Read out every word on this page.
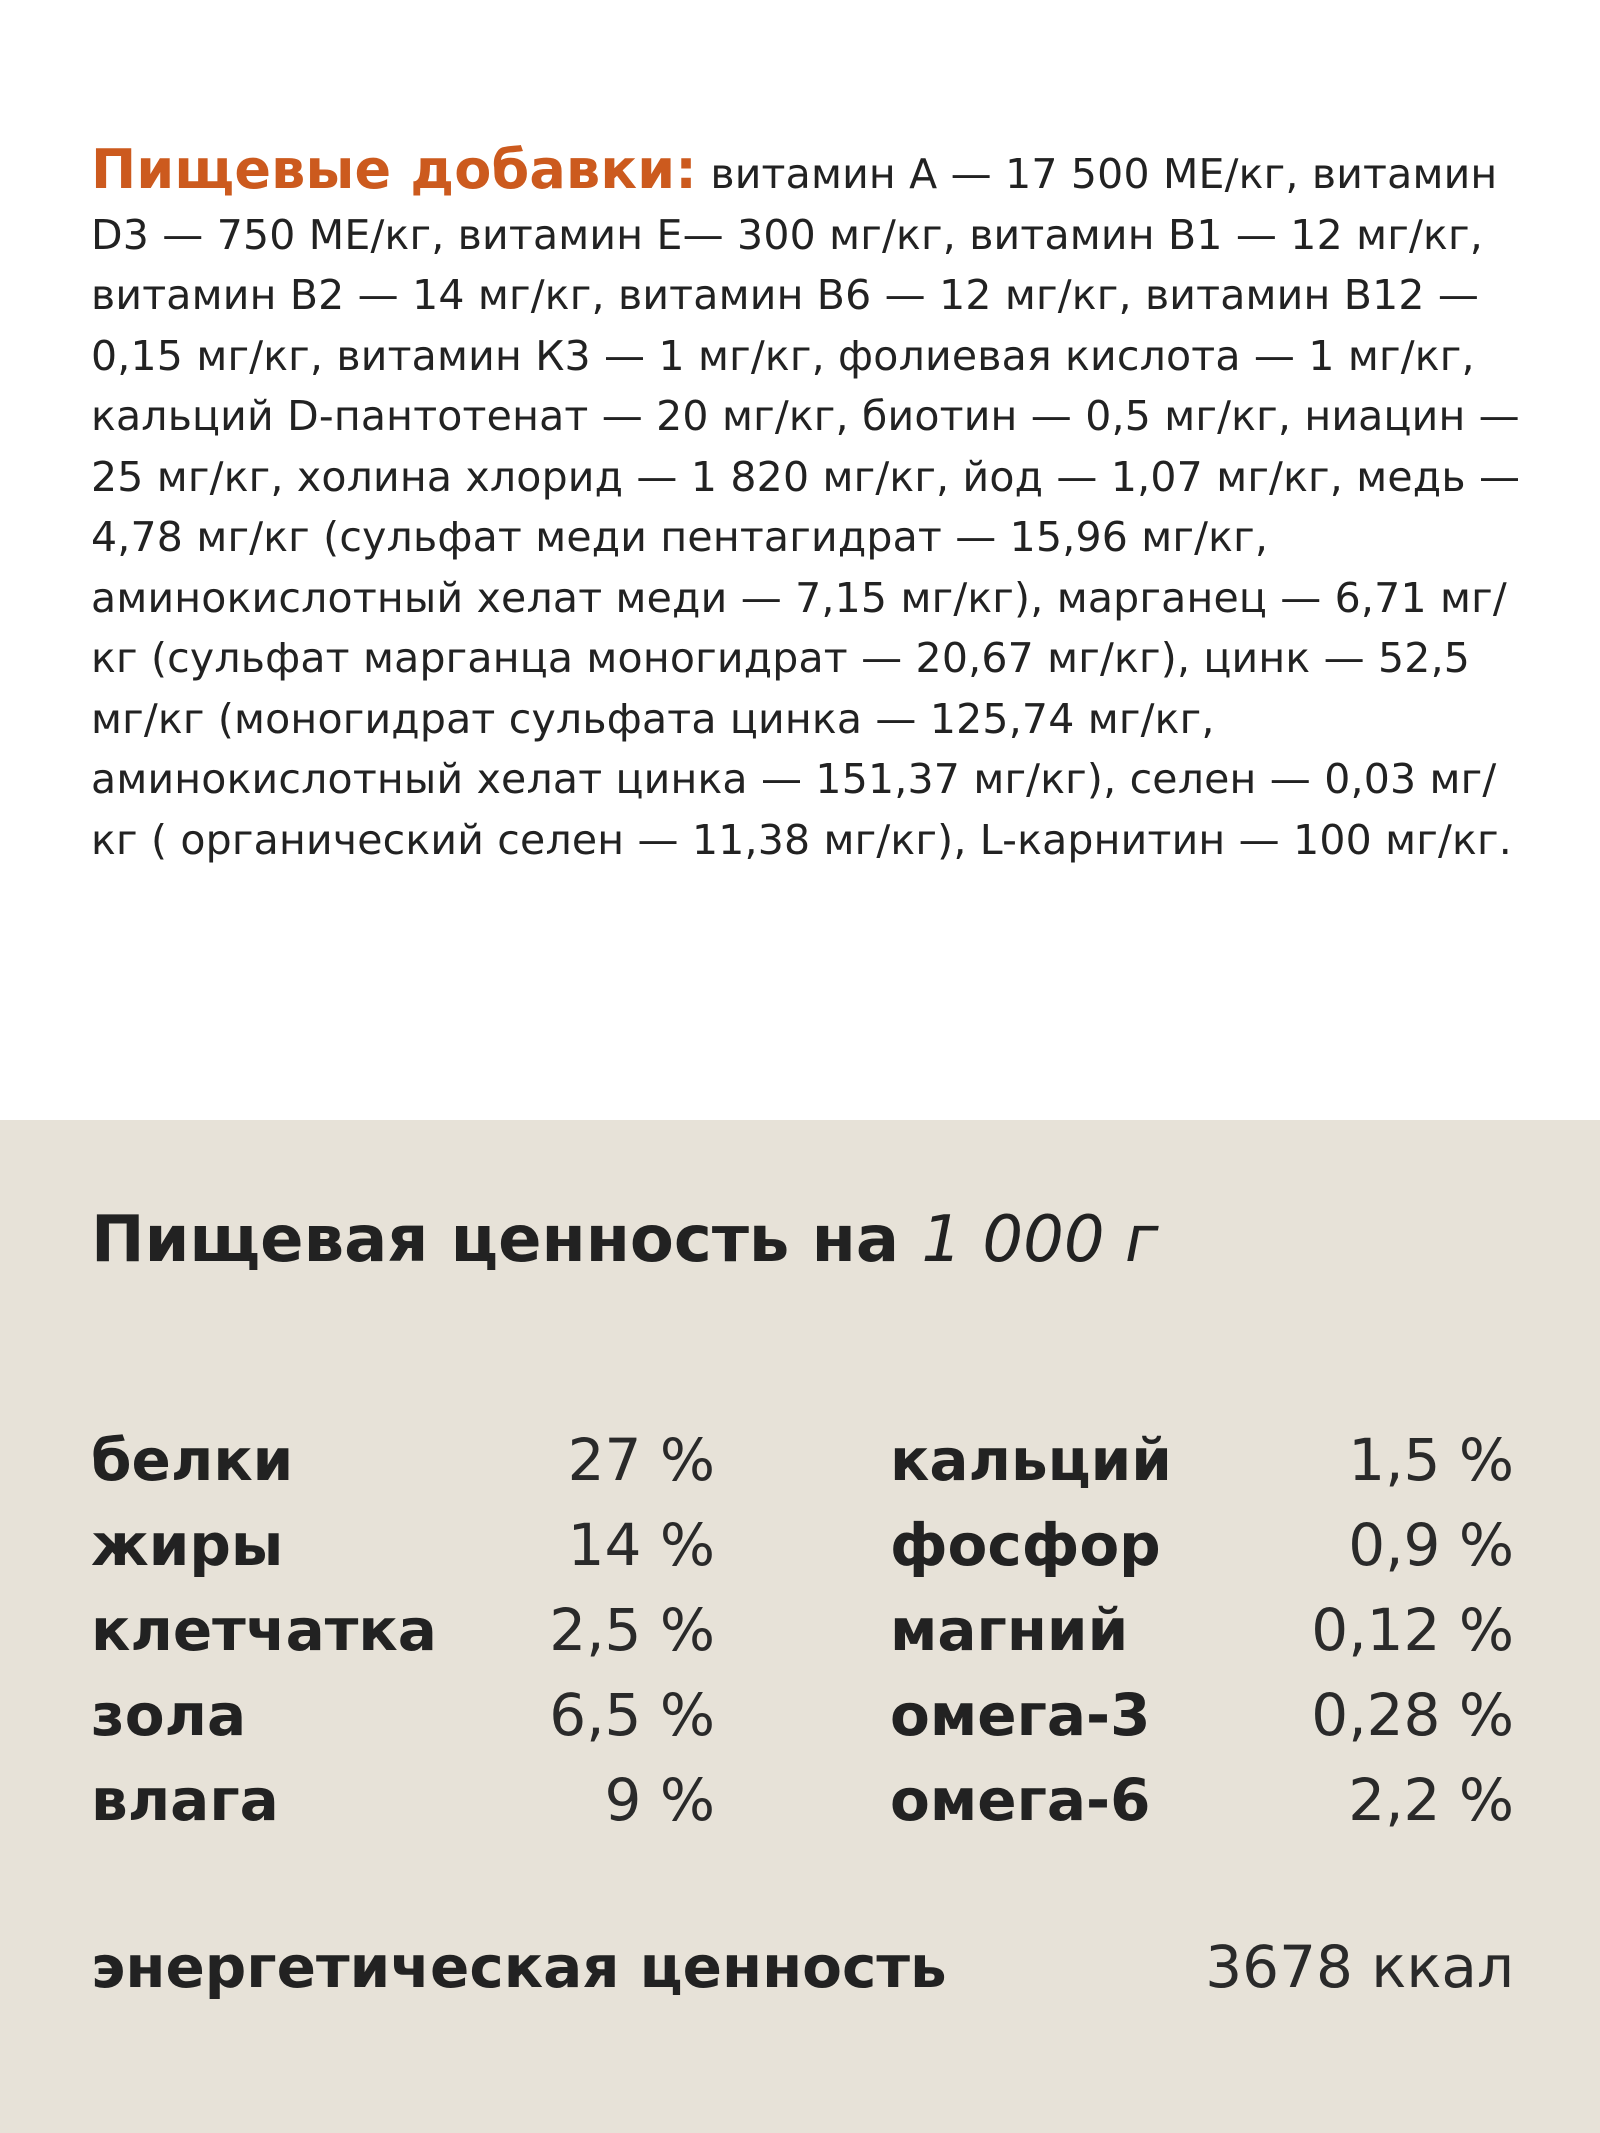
Пищевые добавки: витамин А — 17 500 МЕ/кг, витамин D3 — 750 МЕ/кг, витамин Е— 300 мг/кг, витамин В1 — 12 мг/кг, витамин В2 — 14 мг/кг, витамин В6 — 12 мг/кг, витамин В12 — 0,15 мг/кг, витамин К3 — 1 мг/кг, фолиевая кислота — 1 мг/кг, кальций D-пантотенат — 20 мг/кг, биотин — 0,5 мг/кг, ниацин — 25 мг/кг, холина хлорид — 1 820 мг/кг, йод — 1,07 мг/кг, медь — 4,78 мг/кг (сульфат меди пентагидрат — 15,96 мг/кг, аминокислотный хелат меди — 7,15 мг/кг), марганец — 6,71 мг/кг (сульфат марганца моногидрат — 20,67 мг/кг), цинк — 52,5 мг/кг (моногидрат сульфата цинка — 125,74 мг/кг, аминокислотный хелат цинка — 151,37 мг/кг), селен — 0,03 мг/кг ( органический селен — 11,38 мг/кг), L-карнитин — 100 мг/кг.

Пищевая ценность на 1 000 г
белки	27 %
жиры	14 %
клетчатка 2,5 %
зола	6,5 %
влага	9 %
кальций	1,5 %
фосфор	0,9 %
магний	0,12 %
омега-3	0,28 %
омега-6	2,2 %
энергетическая ценность	3678 ккал
